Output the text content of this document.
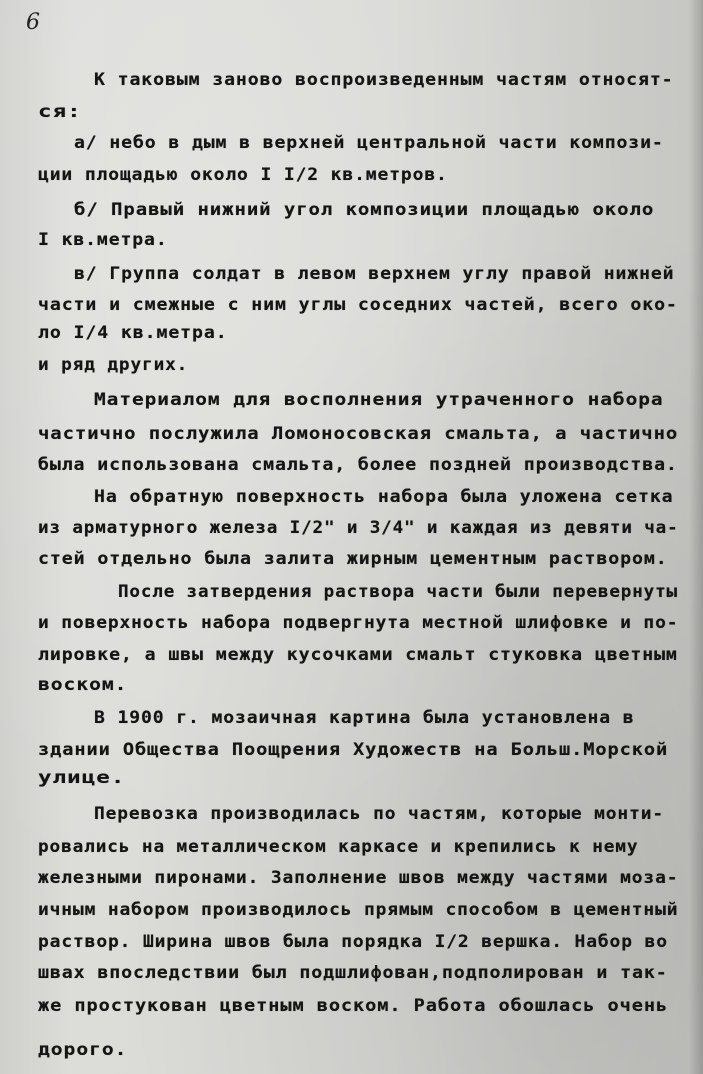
6
К таковым заново воспроизведенным частям относят-
ся:
а/ небо в дым в верхней центральной части компози-
ции площадью около I I/2 кв.метров.
б/ Правый нижний угол композиции площадью около
I кв.метра.
в/ Группа солдат в левом верхнем углу правой нижней
части и смежные с ним углы соседних частей, всего око-
ло I/4 кв.метра.
и ряд других.
Материалом для восполнения утраченного набора
частично послужила Ломоносовская смальта, а частично
была использована смальта, более поздней производства.
На обратную поверхность набора была уложена сетка
из арматурного железа I/2" и 3/4" и каждая из девяти ча-
стей отдельно была залита жирным цементным раствором.
После затвердения раствора части были перевернуты
и поверхность набора подвергнута местной шлифовке и по-
лировке, а швы между кусочками смальт стуковка цветным
воском.
В 1900 г. мозаичная картина была установлена в
здании Общества Поощрения Художеств на Больш.Морской
улице.
Перевозка производилась по частям, которые монти-
ровались на металлическом каркасе и крепились к нему
железными пиронами. Заполнение швов между частями моза-
ичным набором производилось прямым способом в цементный
раствор. Ширина швов была порядка I/2 вершка. Набор во
швах впоследствии был подшлифован,подполирован и так-
же простукован цветным воском. Работа обошлась очень
дорого.
